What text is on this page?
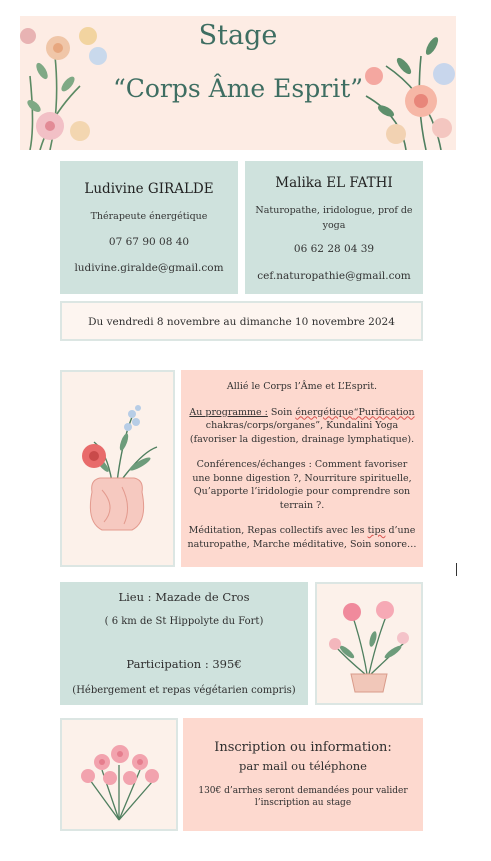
Stage
“Corps Âme Esprit”
Ludivine GIRALDE
Thérapeute énergétique
07 67 90 08 40
ludivine.giralde@gmail.com
Malika EL FATHI
Naturopathe, iridologue, prof de yoga
06 62 28 04 39
cef.naturopathie@gmail.com
Du vendredi 8 novembre au dimanche 10 novembre 2024
Allié le Corps l’Âme et L’Esprit.
Au programme : Soin énergétique“Purification
chakras/corps/organes”, Kundalini Yoga
(favoriser la digestion, drainage lymphatique).
Conférences/échanges : Comment favoriser
une bonne digestion ?, Nourriture spirituelle,
Qu’apporte l’iridologie pour comprendre son
terrain ?.
Méditation, Repas collectifs avec les tips d’une
naturopathe, Marche méditative, Soin sonore…
Lieu : Mazade de Cros
( 6 km de St Hippolyte du Fort)
Participation : 395€
(Hébergement et repas végétarien compris)
Inscription ou information:
par mail ou téléphone
130€ d’arrhes seront demandées pour valider
l’inscription au stage
